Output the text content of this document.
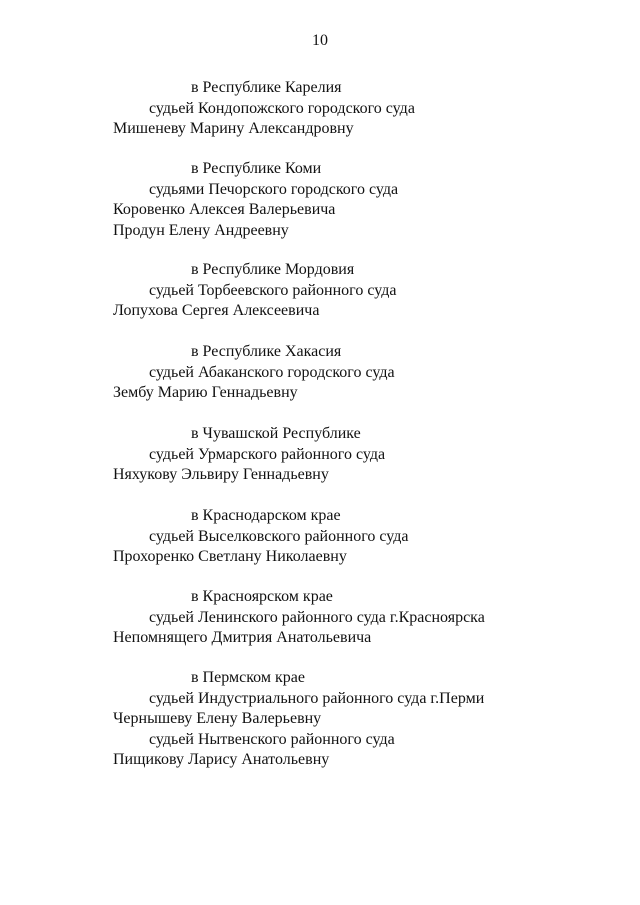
10
в Республике Карелия
судьей Кондопожского городского суда
Мишеневу Марину Александровну
в Республике Коми
судьями Печорского городского суда
Коровенко Алексея Валерьевича
Продун Елену Андреевну
в Республике Мордовия
судьей Торбеевского районного суда
Лопухова Сергея Алексеевича
в Республике Хакасия
судьей Абаканского городского суда
Зембу Марию Геннадьевну
в Чувашской Республике
судьей Урмарского районного суда
Няхукову Эльвиру Геннадьевну
в Краснодарском крае
судьей Выселковского районного суда
Прохоренко Светлану Николаевну
в Красноярском крае
судьей Ленинского районного суда г.Красноярска
Непомнящего Дмитрия Анатольевича
в Пермском крае
судьей Индустриального районного суда г.Перми
Чернышеву Елену Валерьевну
судьей Нытвенского районного суда
Пищикову Ларису Анатольевну
